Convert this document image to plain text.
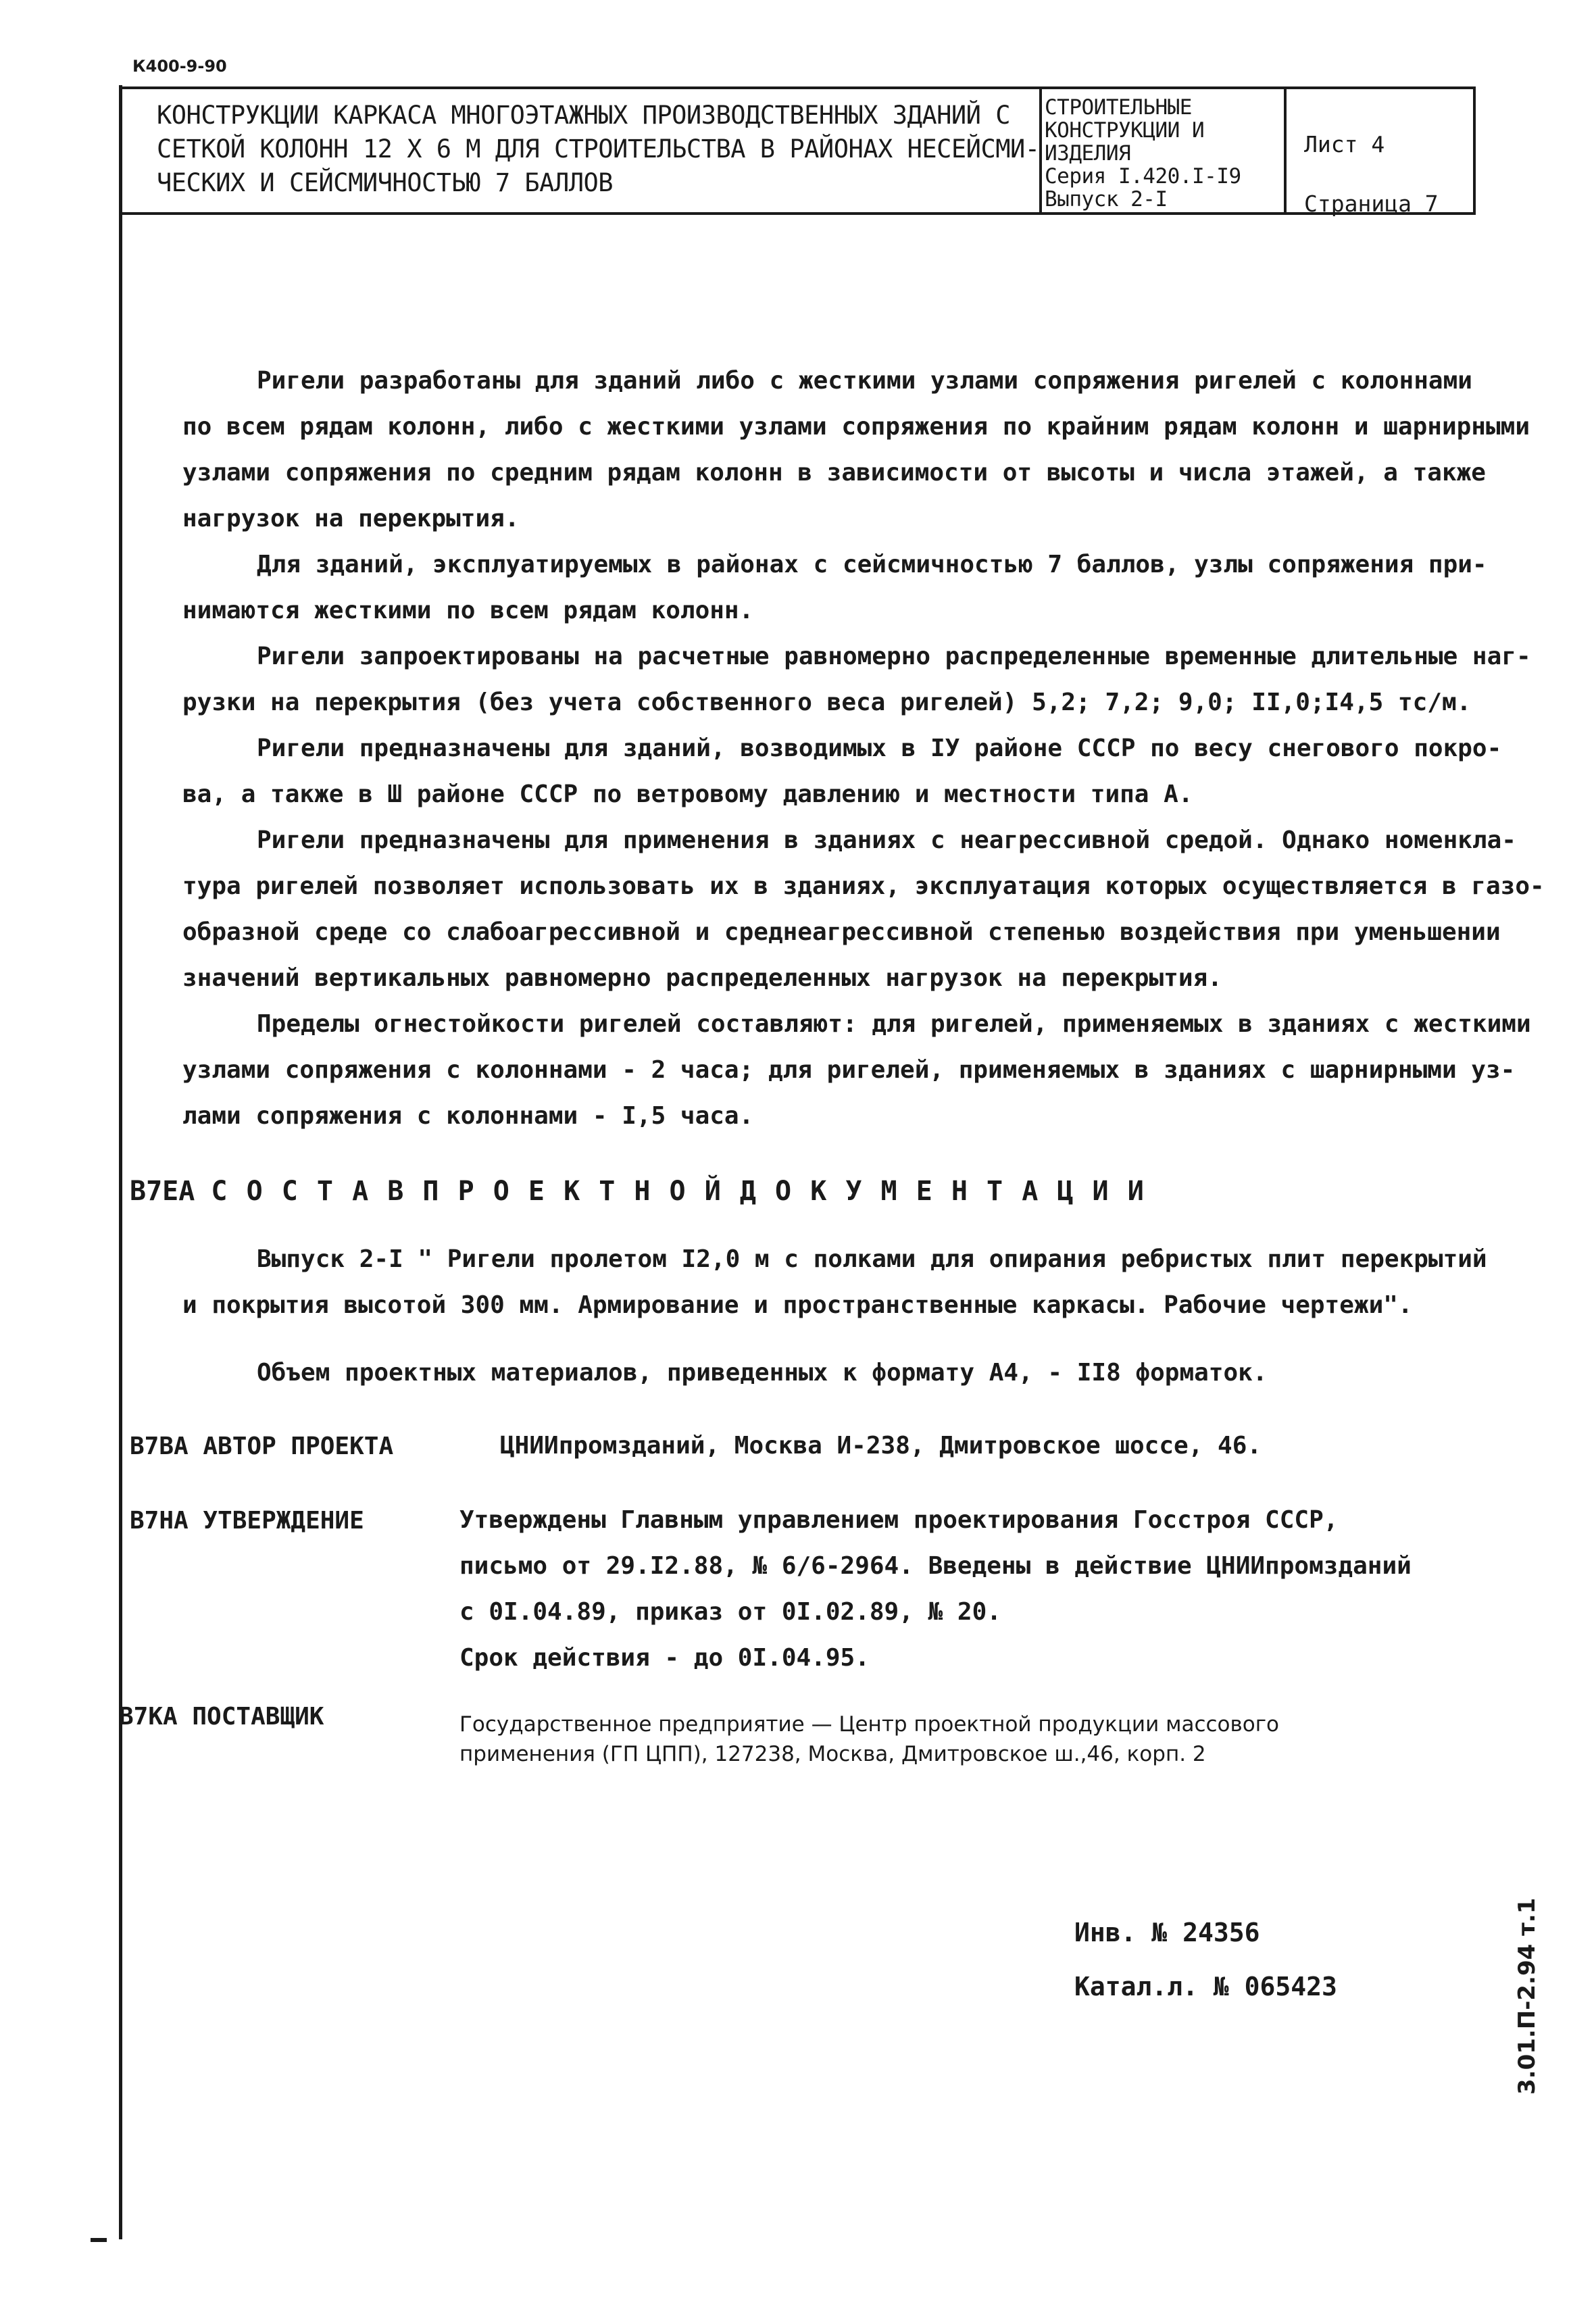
К400-9-90
КОНСТРУКЦИИ КАРКАСА МНОГОЭТАЖНЫХ ПРОИЗВОДСТВЕННЫХ ЗДАНИЙ С
СЕТКОЙ КОЛОНН 12 Х 6 М ДЛЯ СТРОИТЕЛЬСТВА В РАЙОНАХ НЕСЕЙСМИ-
ЧЕСКИХ И СЕЙСМИЧНОСТЬЮ 7 БАЛЛОВ
СТРОИТЕЛЬНЫЕ
КОНСТРУКЦИИ И
ИЗДЕЛИЯ
Серия I.420.I-I9
Выпуск 2-I
Лист 4
Страница 7
Ригели разработаны для зданий либо с жесткими узлами сопряжения ригелей с колоннами
по всем рядам колонн, либо с жесткими узлами сопряжения по крайним рядам колонн и шарнирными
узлами сопряжения по средним рядам колонн в зависимости от высоты и числа этажей, а также
нагрузок на перекрытия.
Для зданий, эксплуатируемых в районах с сейсмичностью 7 баллов, узлы сопряжения при-
нимаются жесткими по всем рядам колонн.
Ригели запроектированы на расчетные равномерно распределенные временные длительные наг-
рузки на перекрытия (без учета собственного веса ригелей) 5,2; 7,2; 9,0; II,0;I4,5 тс/м.
Ригели предназначены для зданий, возводимых в IУ районе СССР по весу снегового покро-
ва, а также в Ш районе СССР по ветровому давлению и местности типа А.
Ригели предназначены для применения в зданиях с неагрессивной средой. Однако номенкла-
тура ригелей позволяет использовать их в зданиях, эксплуатация которых осуществляется в газо-
образной среде со слабоагрессивной и среднеагрессивной степенью воздействия при уменьшении
значений вертикальных равномерно распределенных нагрузок на перекрытия.
Пределы огнестойкости ригелей составляют: для ригелей, применяемых в зданиях с жесткими
узлами сопряжения с колоннами - 2 часа; для ригелей, применяемых в зданиях с шарнирными уз-
лами сопряжения с колоннами - I,5 часа.
В7ЕА С О С Т А В П Р О Е К Т Н О Й Д О К У М Е Н Т А Ц И И
Выпуск 2-I " Ригели пролетом I2,0 м с полками для опирания ребристых плит перекрытий
и покрытия высотой 300 мм. Армирование и пространственные каркасы. Рабочие чертежи".
Объем проектных материалов, приведенных к формату А4, - II8 форматок.
В7ВА АВТОР ПРОЕКТА	ЦНИИпромзданий, Москва И-238, Дмитровское шоссе, 46.
В7НА УТВЕРЖДЕНИЕ	Утверждены Главным управлением проектирования Госстроя СССР,
письмо от 29.I2.88, № 6/6-2964. Введены в действие ЦНИИпромзданий
с 0I.04.89, приказ от 0I.02.89, № 20.
Срок действия - до 0I.04.95.
В7КА ПОСТАВЩИК	Государственное предприятие — Центр проектной продукции массового
применения (ГП ЦПП), 127238, Москва, Дмитровское ш.,46, корп. 2
Инв. № 24356
Катал.л. № 065423	3.01.П-2.94 т.1
